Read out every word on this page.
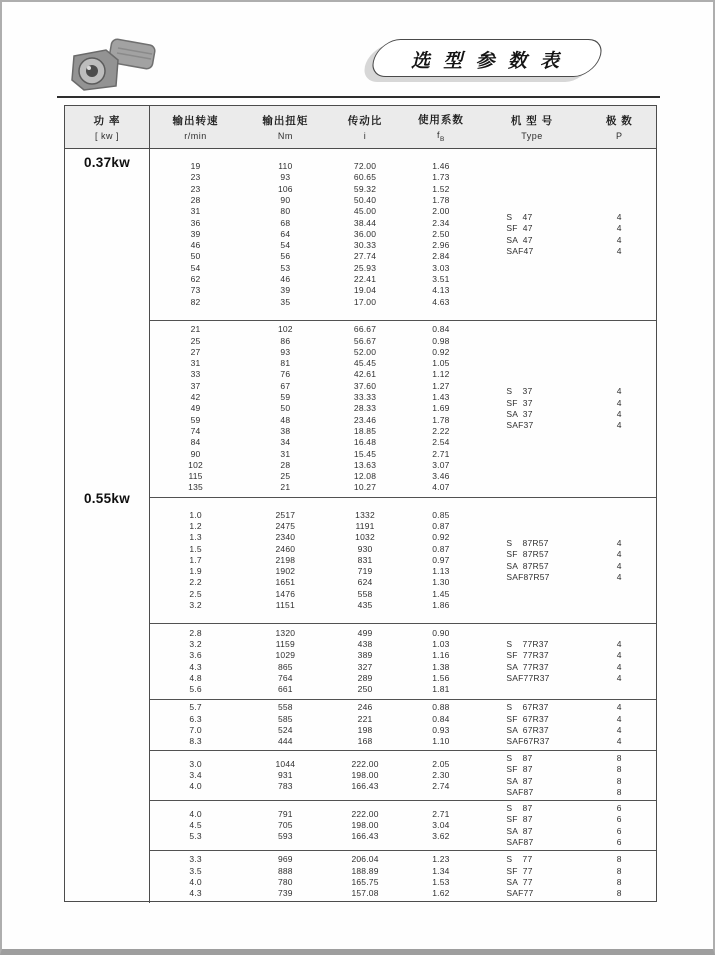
选 型 参 数 表
功 率
[ kw ]
输出转速
r/min
输出扭矩
Nm
传动比
i
使用系数
$f_B$
机 型 号
Type
极 数
P
0.37kw
0.55kw
19
23
23
28
31
36
39
46
50
54
62
73
82
110
93
106
90
80
68
64
54
56
53
46
39
35
72.00
60.65
59.32
50.40
45.00
38.44
36.00
30.33
27.74
25.93
22.41
19.04
17.00
1.46
1.73
1.52
1.78
2.00
2.34
2.50
2.96
2.84
3.03
3.51
4.13
4.63
S    47
SF  47
SA  47
SAF47
4
4
4
4
21
25
27
31
33
37
42
49
59
74
84
90
102
115
135
102
86
93
81
76
67
59
50
48
38
34
31
28
25
21
66.67
56.67
52.00
45.45
42.61
37.60
33.33
28.33
23.46
18.85
16.48
15.45
13.63
12.08
10.27
0.84
0.98
0.92
1.05
1.12
1.27
1.43
1.69
1.78
2.22
2.54
2.71
3.07
3.46
4.07
S    37
SF  37
SA  37
SAF37
4
4
4
4
1.0
1.2
1.3
1.5
1.7
1.9
2.2
2.5
3.2
2517
2475
2340
2460
2198
1902
1651
1476
1151
1332
1191
1032
930
831
719
624
558
435
0.85
0.87
0.92
0.87
0.97
1.13
1.30
1.45
1.86
S    87R57
SF  87R57
SA  87R57
SAF87R57
4
4
4
4
2.8
3.2
3.6
4.3
4.8
5.6
1320
1159
1029
865
764
661
499
438
389
327
289
250
0.90
1.03
1.16
1.38
1.56
1.81
S    77R37
SF  77R37
SA  77R37
SAF77R37
4
4
4
4
5.7
6.3
7.0
8.3
558
585
524
444
246
221
198
168
0.88
0.84
0.93
1.10
S    67R37
SF  67R37
SA  67R37
SAF67R37
4
4
4
4
3.0
3.4
4.0
1044
931
783
222.00
198.00
166.43
2.05
2.30
2.74
S    87
SF  87
SA  87
SAF87
8
8
8
8
4.0
4.5
5.3
791
705
593
222.00
198.00
166.43
2.71
3.04
3.62
S    87
SF  87
SA  87
SAF87
6
6
6
6
3.3
3.5
4.0
4.3
969
888
780
739
206.04
188.89
165.75
157.08
1.23
1.34
1.53
1.62
S    77
SF  77
SA  77
SAF77
8
8
8
8
